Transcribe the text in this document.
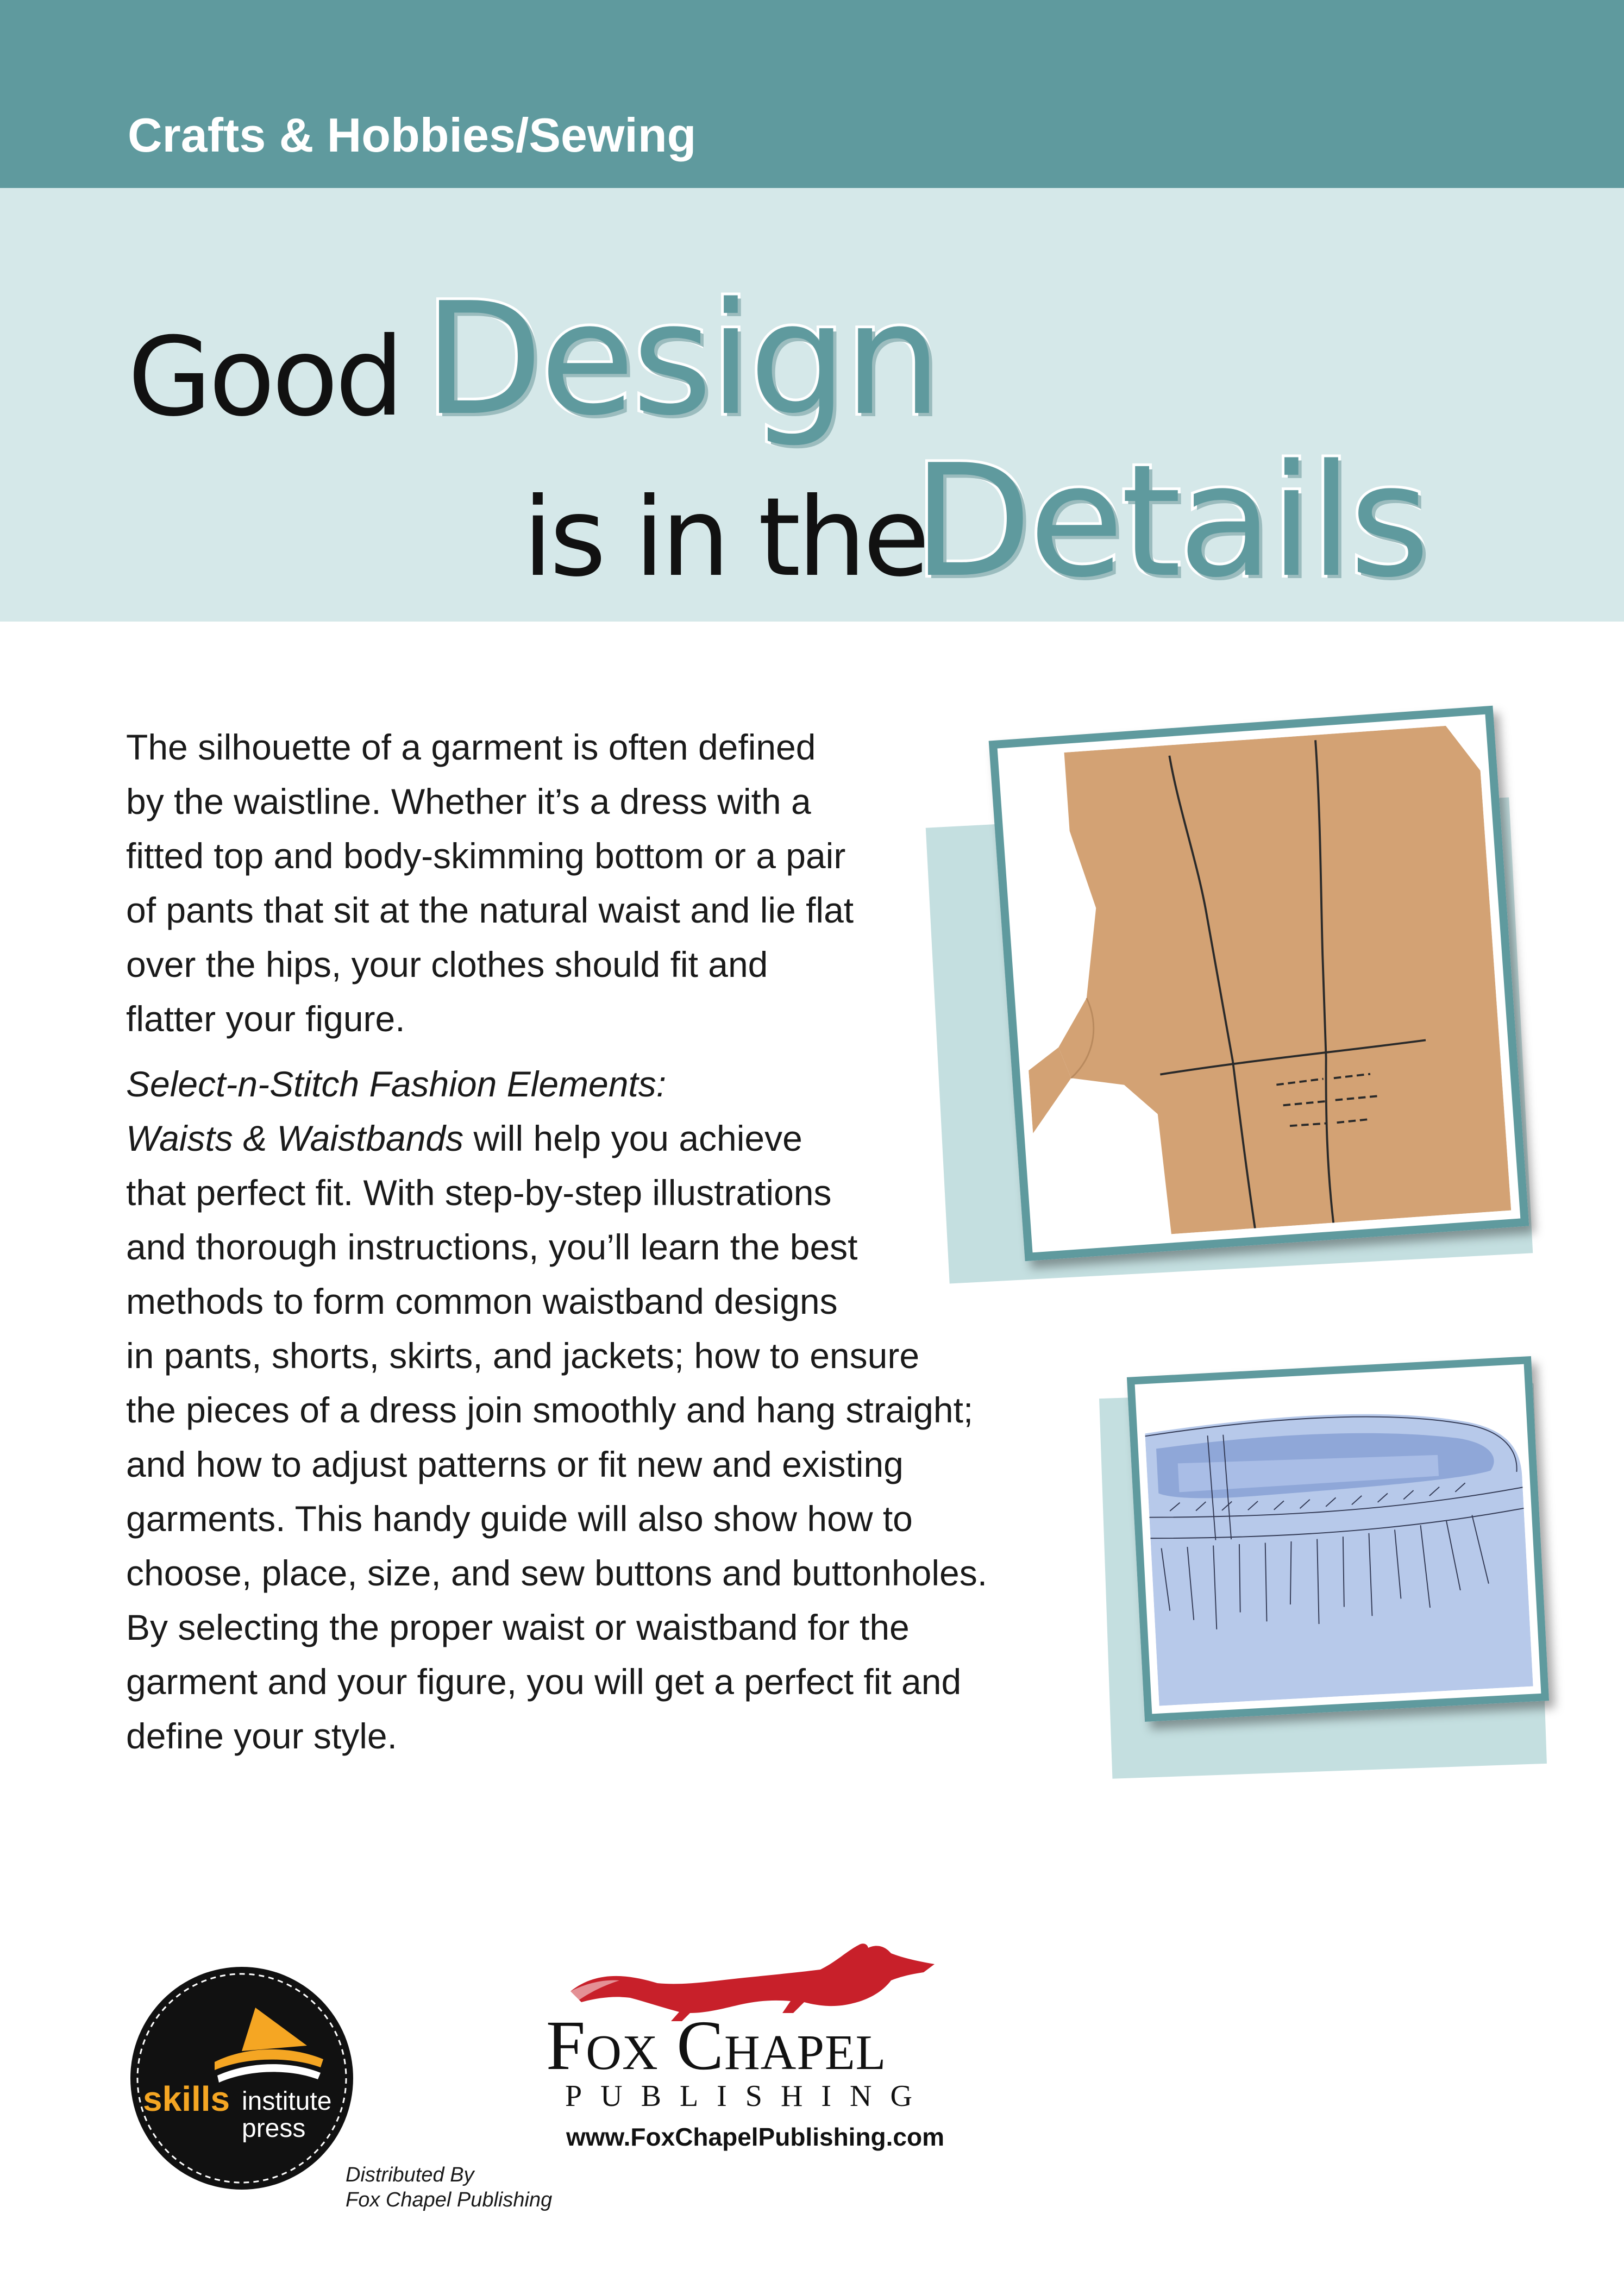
Crafts & Hobbies/Sewing
Good Design
is in the
Details

The silhouette of a garment is often defined
by the waistline. Whether it’s a dress with a
fitted top and body-skimming bottom or a pair
of pants that sit at the natural waist and lie flat
over the hips, your clothes should fit and
flatter your figure.

Select-n-Stitch Fashion Elements:
Waists & Waistbands will help you achieve
that perfect fit. With step-by-step illustrations
and thorough instructions, you’ll learn the best
methods to form common waistband designs
in pants, shorts, skirts, and jackets; how to ensure
the pieces of a dress join smoothly and hang straight;
and how to adjust patterns or fit new and existing
garments. This handy guide will also show how to
choose, place, size, and sew buttons and buttonholes.
By selecting the proper waist or waistband for the
garment and your figure, you will get a perfect fit and
define your style.

skills institute
press
Distributed By
Fox Chapel Publishing
Fox Chapel
PUBLISHING
www.FoxChapelPublishing.com
